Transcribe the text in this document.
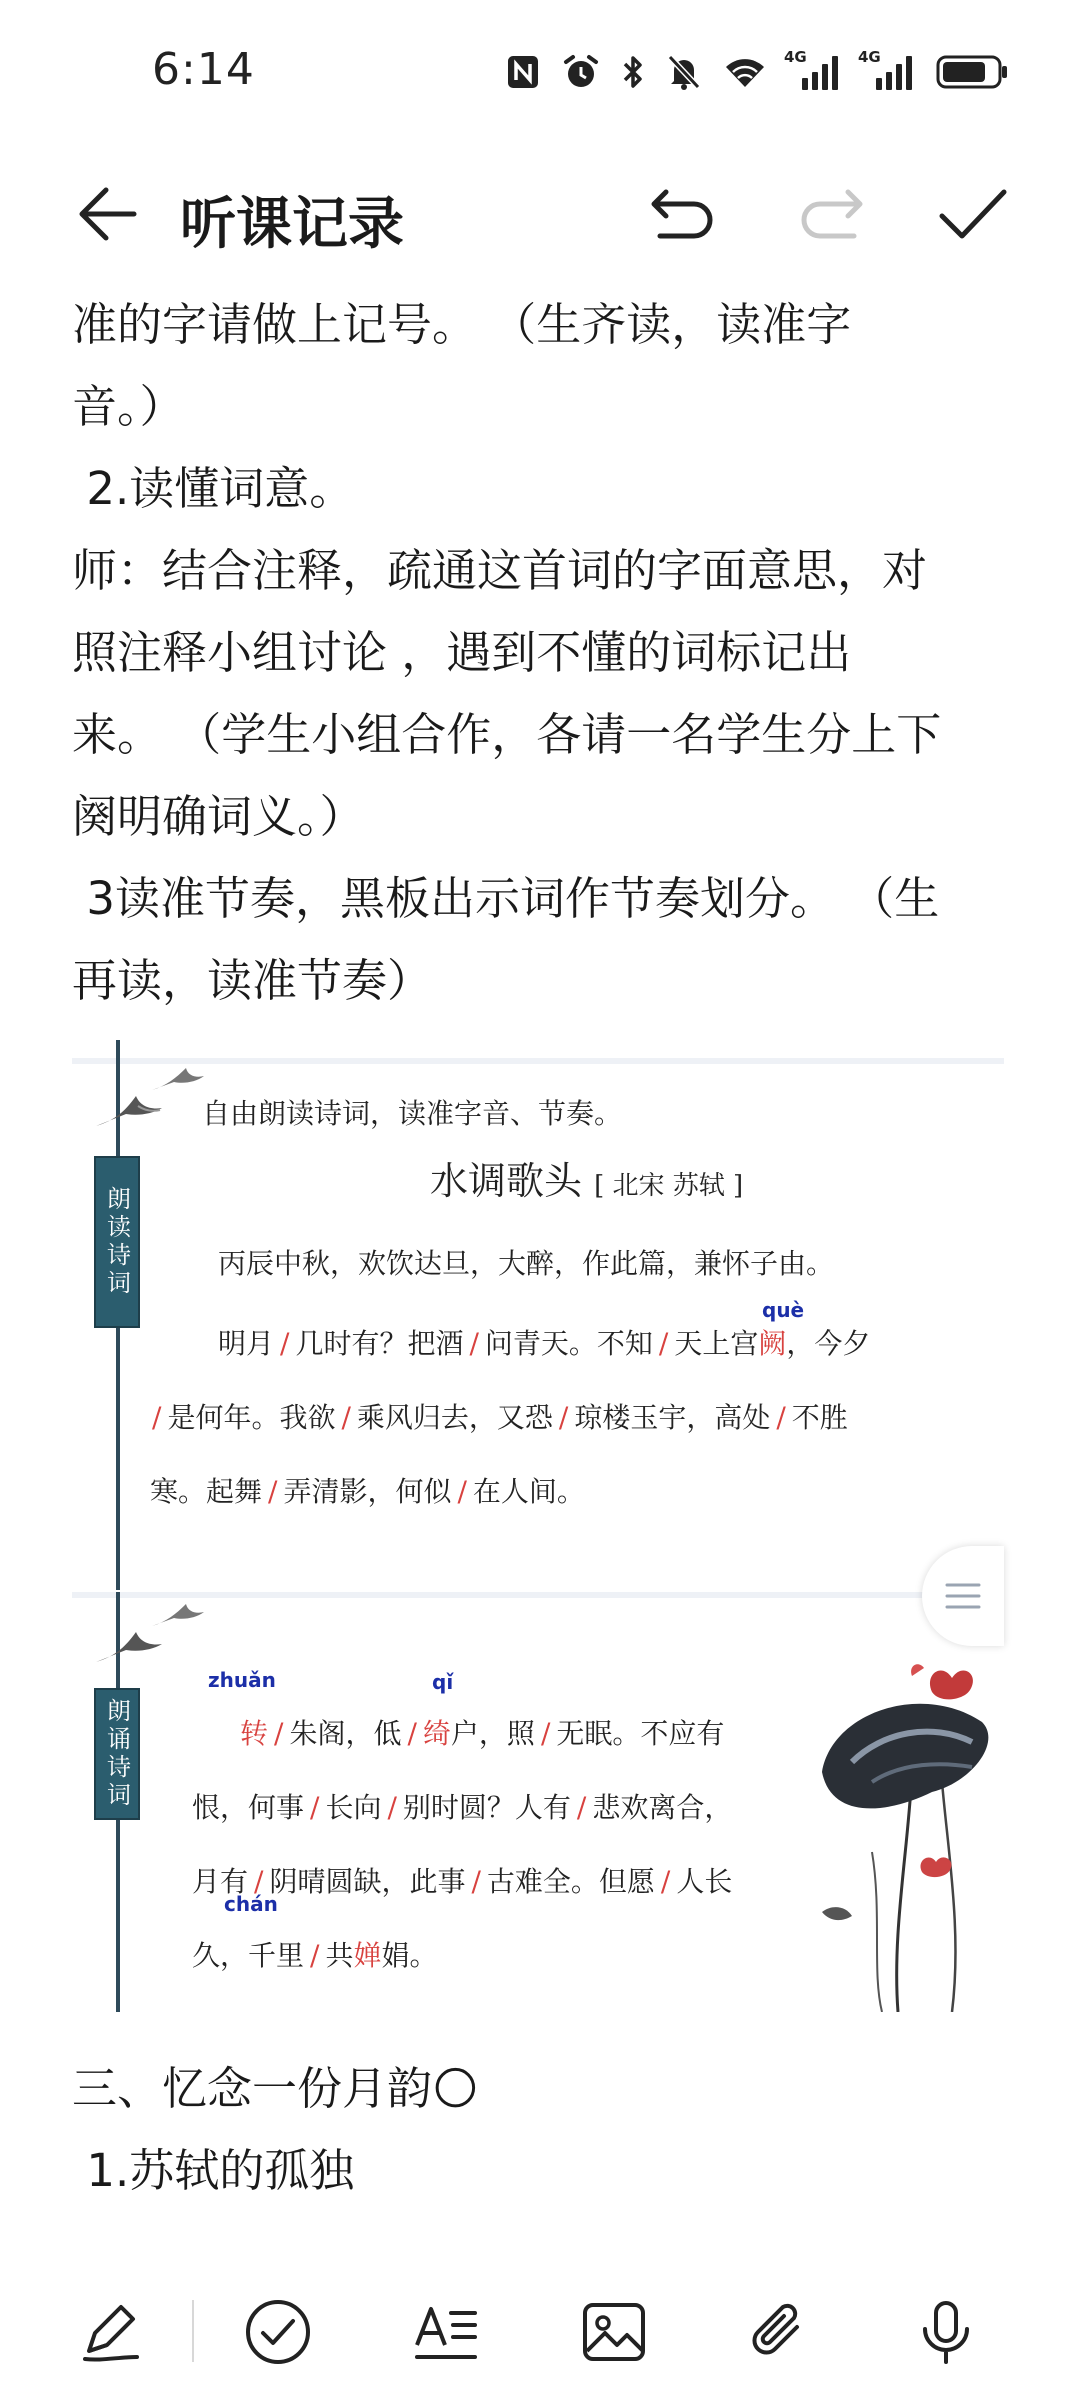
6:14	4G	4G
听课记录
准的字请做上记号。 （生齐读，读准字
音。）
2.读懂词意。
师：结合注释，疏通这首词的字面意思，对
照注释小组讨论 ，遇到不懂的词标记出
来。 （学生小组合作，各请一名学生分上下
阕明确词义。）
3读准节奏，黑板出示词作节奏划分。 （生
再读，读准节奏）
朗读诗词
自由朗读诗词，读准字音、节奏。
水调歌头 [ 北宋 苏轼 ]
丙辰中秋，欢饮达旦，大醉，作此篇，兼怀子由。
què
明月 / 几时有？把酒 / 问青天。不知 / 天上宫阙，今夕
/ 是何年。我欲 / 乘风归去，又恐 / 琼楼玉宇，高处 / 不胜
寒。起舞 / 弄清影，何似 / 在人间。
朗诵诗词
zhuǎn	qǐ
转 / 朱阁，低 / 绮户，照 / 无眠。不应有
恨，何事 / 长向 / 别时圆？人有 / 悲欢离合，
月有 / 阴晴圆缺，此事 / 古难全。但愿 / 人长
chán
久，千里 / 共婵娟。
三、忆念一份月韵🌕
1.苏轼的孤独
